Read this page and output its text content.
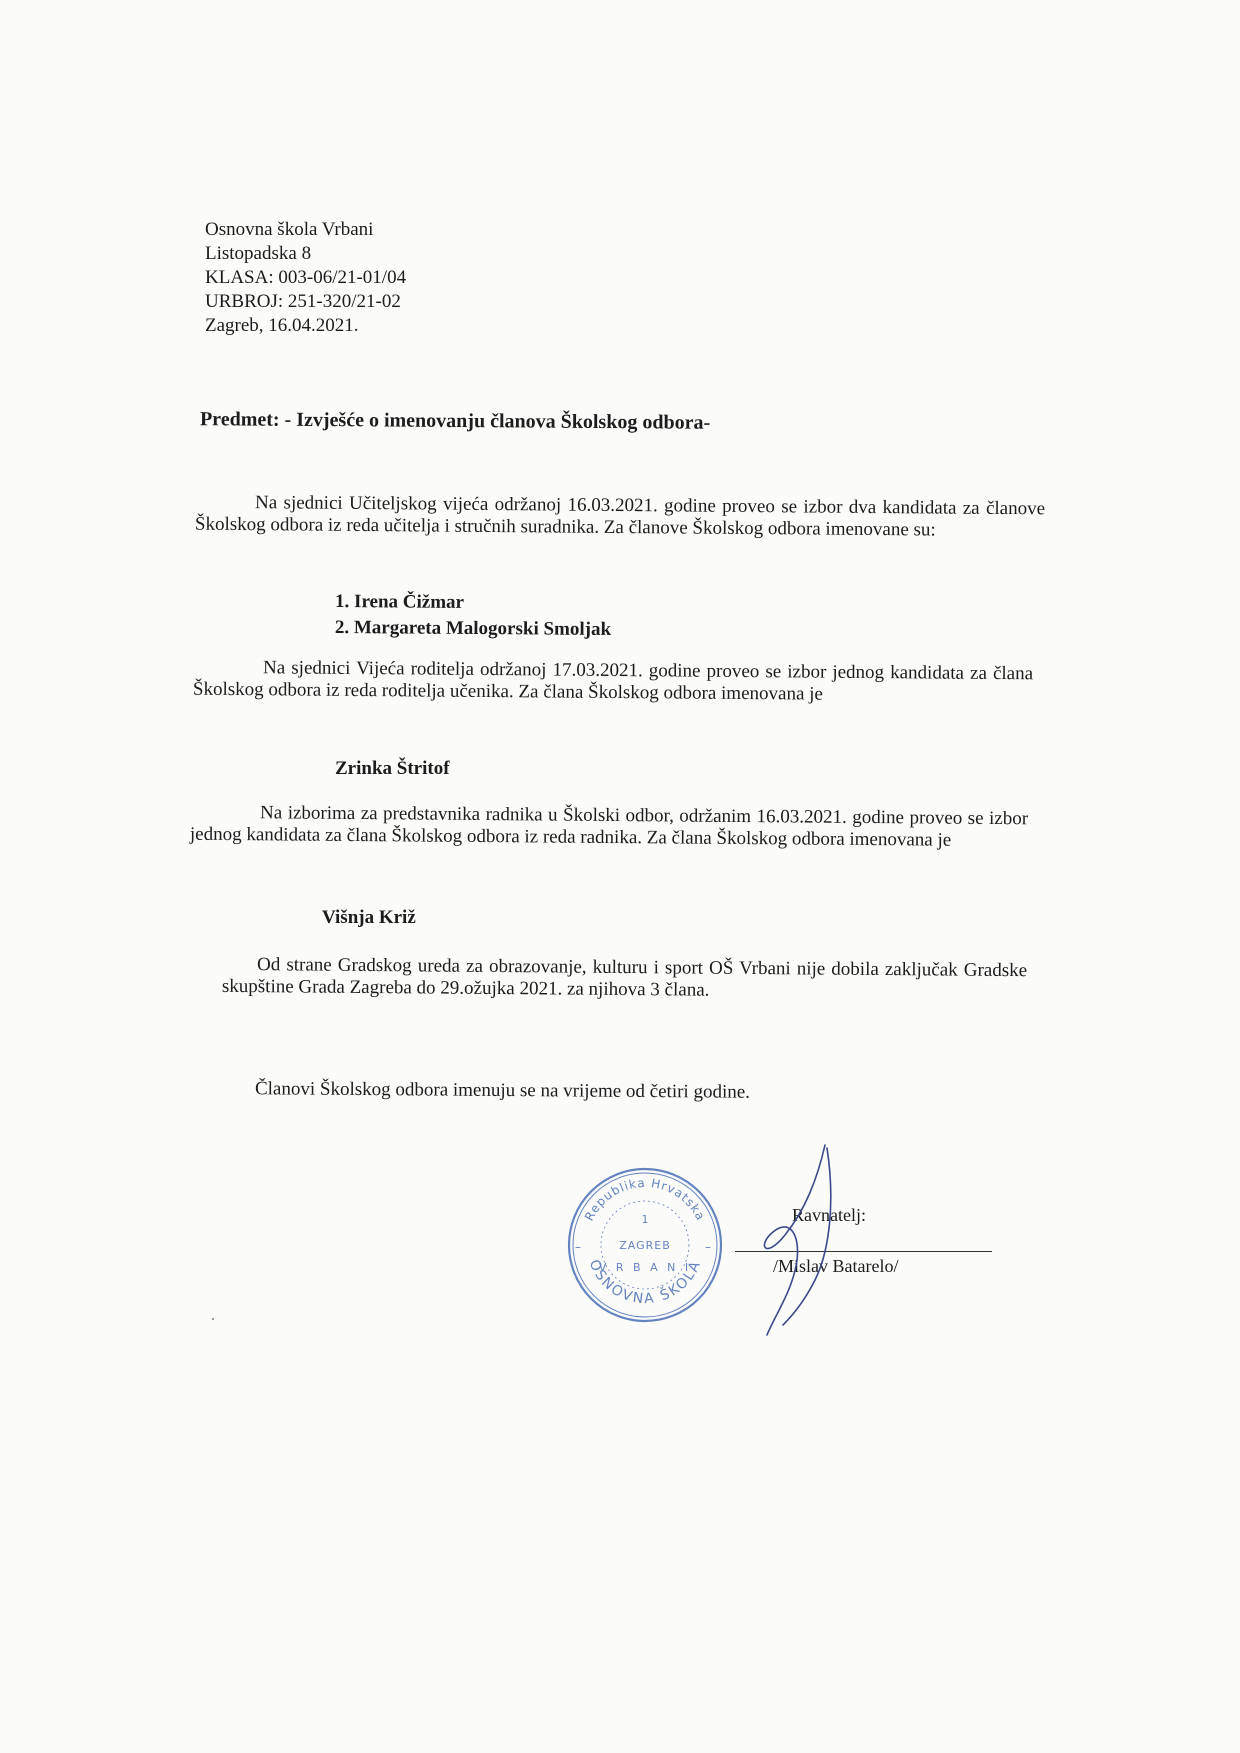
Osnovna škola Vrbani
Listopadska 8
KLASA: 003-06/21-01/04
URBROJ: 251-320/21-02
Zagreb, 16.04.2021.
Predmet: - Izvješće o imenovanju članova Školskog odbora-
Na sjednici Učiteljskog vijeća održanoj 16.03.2021. godine proveo se izbor dva kandidata za članove Školskog odbora iz reda učitelja i stručnih suradnika. Za članove Školskog odbora imenovane su:
1. Irena Čižmar
2. Margareta Malogorski Smoljak
Na sjednici Vijeća roditelja održanoj 17.03.2021. godine proveo se izbor jednog kandidata za člana Školskog odbora iz reda roditelja učenika. Za člana Školskog odbora imenovana je
Zrinka Štritof
Na izborima za predstavnika radnika u Školski odbor, održanim 16.03.2021. godine proveo se izbor jednog kandidata za člana Školskog odbora iz reda radnika. Za člana Školskog odbora imenovana je
Višnja Križ
Od strane Gradskog ureda za obrazovanje, kulturu i sport OŠ Vrbani nije dobila zaključak Gradske skupštine Grada Zagreba do 29.ožujka 2021. za njihova 3 člana.
Članovi Školskog odbora imenuju se na vrijeme od četiri godine.
Republika Hrvatska
OSNOVNA ŠKOLA
1
ZAGREB
V R B A N I
–	–
Ravnatelj:
/Mislav Batarelo/
